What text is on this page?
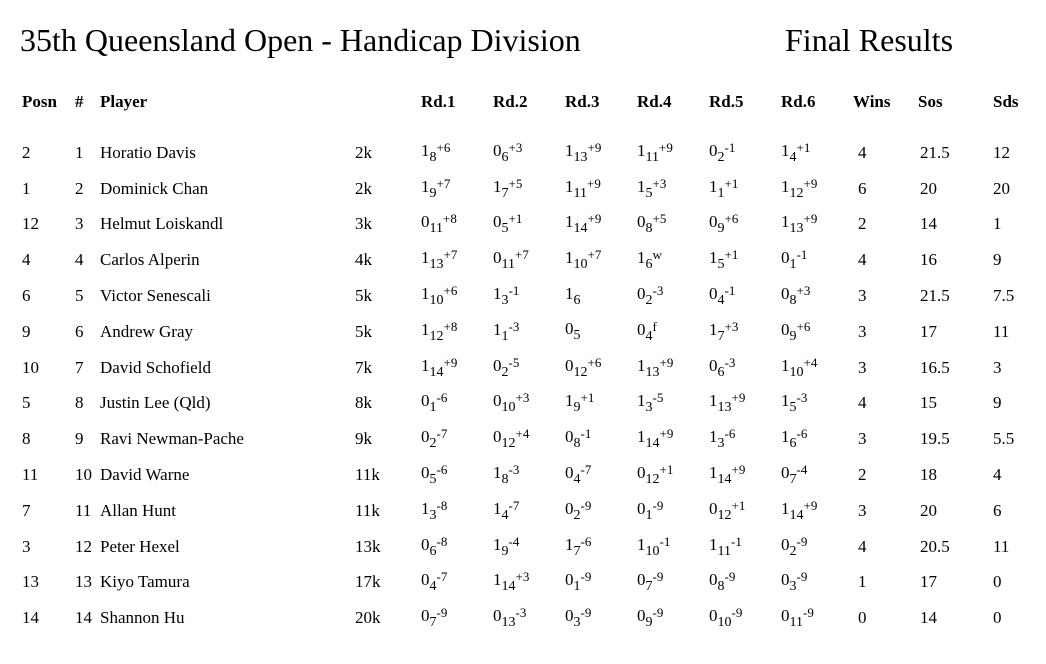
35th Queensland Open - Handicap Division	Final Results
Posn	# Player	Rd.1	Rd.2	Rd.3	Rd.4	Rd.5	Rd.6	Wins	Sos	Sds
2	1 Horatio Davis	2k	$1_8^{+6}$	$0_6^{+3}$	$1_{13}^{+9}$	$1_{11}^{+9}$	$0_2^{-1}$	$1_4^{+1}$	4	21.5	12
1	2 Dominick Chan	2k	$1_9^{+7}$	$1_7^{+5}$	$1_{11}^{+9}$	$1_5^{+3}$	$1_1^{+1}$	$1_{12}^{+9}$	6	20	20
12	3 Helmut Loiskandl	3k	$0_{11}^{+8}$	$0_5^{+1}$	$1_{14}^{+9}$	$0_8^{+5}$	$0_9^{+6}$	$1_{13}^{+9}$	2	14	1
4	4 Carlos Alperin	4k	$1_{13}^{+7}$	$0_{11}^{+7}$	$1_{10}^{+7}$	$1_6^w$	$1_5^{+1}$	$0_1^{-1}$	4	16	9
6	5 Victor Senescali	5k	$1_{10}^{+6}$	$1_3^{-1}$	$1_6$	$0_2^{-3}$	$0_4^{-1}$	$0_8^{+3}$	3	21.5	7.5
9	6 Andrew Gray	5k	$1_{12}^{+8}$	$1_1^{-3}$	$0_5$	$0_4^f$	$1_7^{+3}$	$0_9^{+6}$	3	17	11
10	7 David Schofield	7k	$1_{14}^{+9}$	$0_2^{-5}$	$0_{12}^{+6}$	$1_{13}^{+9}$	$0_6^{-3}$	$1_{10}^{+4}$	3	16.5	3
5	8 Justin Lee (Qld)	8k	$0_1^{-6}$	$0_{10}^{+3}$	$1_9^{+1}$	$1_3^{-5}$	$1_{13}^{+9}$	$1_5^{-3}$	4	15	9
8	9 Ravi Newman-Pache	9k	$0_2^{-7}$	$0_{12}^{+4}$	$0_8^{-1}$	$1_{14}^{+9}$	$1_3^{-6}$	$1_6^{-6}$	3	19.5	5.5
11	10 David Warne	11k	$0_5^{-6}$	$1_8^{-3}$	$0_4^{-7}$	$0_{12}^{+1}$	$1_{14}^{+9}$	$0_7^{-4}$	2	18	4
7	11 Allan Hunt	11k	$1_3^{-8}$	$1_4^{-7}$	$0_2^{-9}$	$0_1^{-9}$	$0_{12}^{+1}$	$1_{14}^{+9}$	3	20	6
3	12 Peter Hexel	13k	$0_6^{-8}$	$1_9^{-4}$	$1_7^{-6}$	$1_{10}^{-1}$	$1_{11}^{-1}$	$0_2^{-9}$	4	20.5	11
13	13 Kiyo Tamura	17k	$0_4^{-7}$	$1_{14}^{+3}$	$0_1^{-9}$	$0_7^{-9}$	$0_8^{-9}$	$0_3^{-9}$	1	17	0
14	14 Shannon Hu	20k	$0_7^{-9}$	$0_{13}^{-3}$	$0_3^{-9}$	$0_9^{-9}$	$0_{10}^{-9}$	$0_{11}^{-9}$	0	14	0
